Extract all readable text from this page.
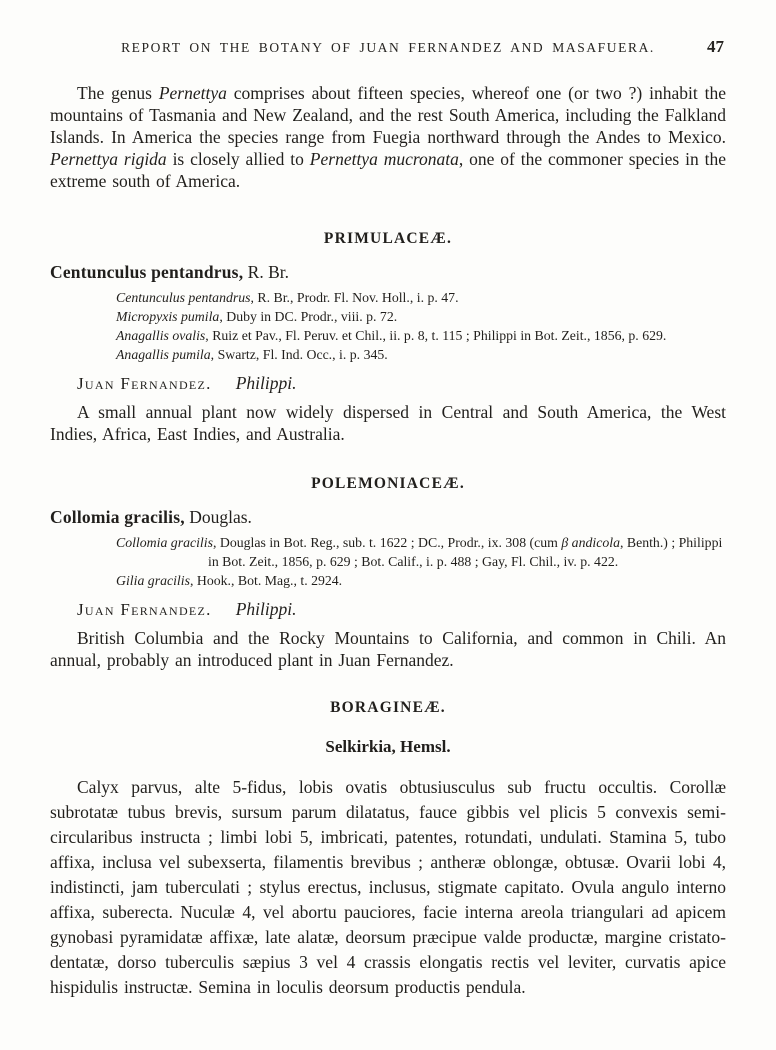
REPORT ON THE BOTANY OF JUAN FERNANDEZ AND MASAFUERA.	47

The genus Pernettya comprises about fifteen species, whereof one (or two ?) inhabit the mountains of Tasmania and New Zealand, and the rest South America, including the Falkland Islands. In America the species range from Fuegia northward through the Andes to Mexico. Pernettya rigida is closely allied to Pernettya mucronata, one of the commoner species in the extreme south of America.

PRIMULACEÆ.

Centunculus pentandrus, R. Br.

Centunculus pentandrus, R. Br., Prodr. Fl. Nov. Holl., i. p. 47.

Micropyxis pumila, Duby in DC. Prodr., viii. p. 72.

Anagallis ovalis, Ruiz et Pav., Fl. Peruv. et Chil., ii. p. 8, t. 115 ; Philippi in Bot. Zeit., 1856, p. 629.

Anagallis pumila, Swartz, Fl. Ind. Occ., i. p. 345.

Juan Fernandez. Philippi.

A small annual plant now widely dispersed in Central and South America, the West Indies, Africa, East Indies, and Australia.

POLEMONIACEÆ.

Collomia gracilis, Douglas.

Collomia gracilis, Douglas in Bot. Reg., sub. t. 1622 ; DC., Prodr., ix. 308 (cum β andicola, Benth.) ; Philippi in Bot. Zeit., 1856, p. 629 ; Bot. Calif., i. p. 488 ; Gay, Fl. Chil., iv. p. 422.

Gilia gracilis, Hook., Bot. Mag., t. 2924.

Juan Fernandez. Philippi.

British Columbia and the Rocky Mountains to California, and common in Chili. An annual, probably an introduced plant in Juan Fernandez.

BORAGINEÆ.
Selkirkia, Hemsl.

Calyx parvus, alte 5-fidus, lobis ovatis obtusiusculus sub fructu occultis. Corollæ subrotatæ tubus brevis, sursum parum dilatatus, fauce gibbis vel plicis 5 convexis semi-circularibus instructa ; limbi lobi 5, imbricati, patentes, rotundati, undulati. Stamina 5, tubo affixa, inclusa vel subexserta, filamentis brevibus ; antheræ oblongæ, obtusæ. Ovarii lobi 4, indistincti, jam tuberculati ; stylus erectus, inclusus, stigmate capitato. Ovula angulo interno affixa, suberecta. Nuculæ 4, vel abortu pauciores, facie interna areola triangulari ad apicem gynobasi pyramidatæ affixæ, late alatæ, deorsum præcipue valde productæ, margine cristato-dentatæ, dorso tuberculis sæpius 3 vel 4 crassis elongatis rectis vel leviter, curvatis apice hispidulis instructæ. Semina in loculis deorsum productis pendula.
